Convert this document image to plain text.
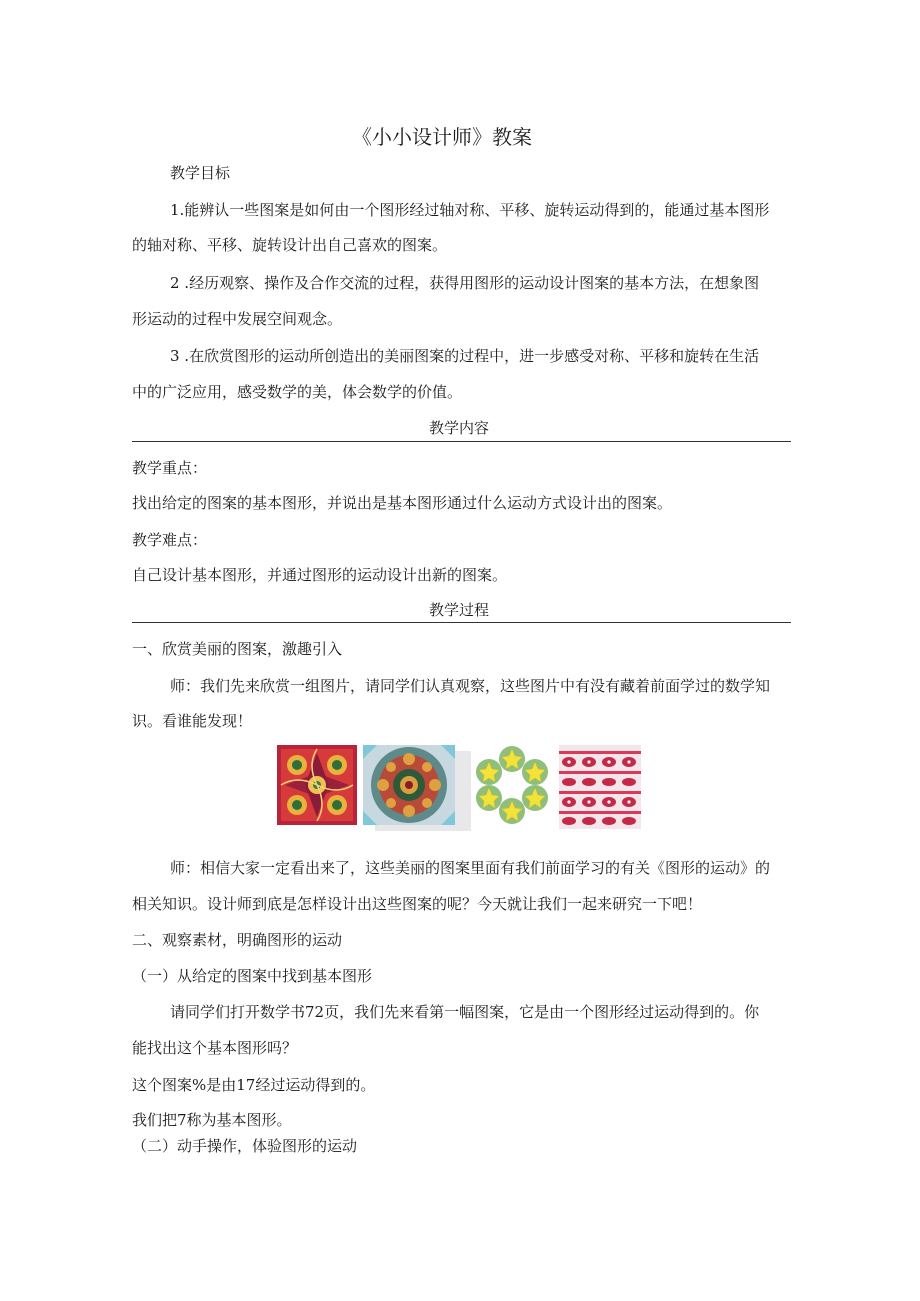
《小小设计师》教案
教学目标
1.能辨认一些图案是如何由一个图形经过轴对称、平移、旋转运动得到的，能通过基本图形
的轴对称、平移、旋转设计出自己喜欢的图案。
2 .经历观察、操作及合作交流的过程，获得用图形的运动设计图案的基本方法，在想象图
形运动的过程中发展空间观念。
3 .在欣赏图形的运动所创造出的美丽图案的过程中，进一步感受对称、平移和旋转在生活
中的广泛应用，感受数学的美，体会数学的价值。
教学内容
教学重点：
找出给定的图案的基本图形，并说出是基本图形通过什么运动方式设计出的图案。
教学难点：
自己设计基本图形，并通过图形的运动设计出新的图案。
教学过程
一、欣赏美丽的图案，激趣引入
师：我们先来欣赏一组图片，请同学们认真观察，这些图片中有没有藏着前面学过的数学知
识。看谁能发现！
师：相信大家一定看出来了，这些美丽的图案里面有我们前面学习的有关《图形的运动》的
相关知识。设计师到底是怎样设计出这些图案的呢？今天就让我们一起来研究一下吧！
二、观察素材，明确图形的运动
（一）从给定的图案中找到基本图形
请同学们打开数学书72页，我们先来看第一幅图案，它是由一个图形经过运动得到的。你
能找出这个基本图形吗？
这个图案%是由17经过运动得到的。
我们把7称为基本图形。
（二）动手操作，体验图形的运动
